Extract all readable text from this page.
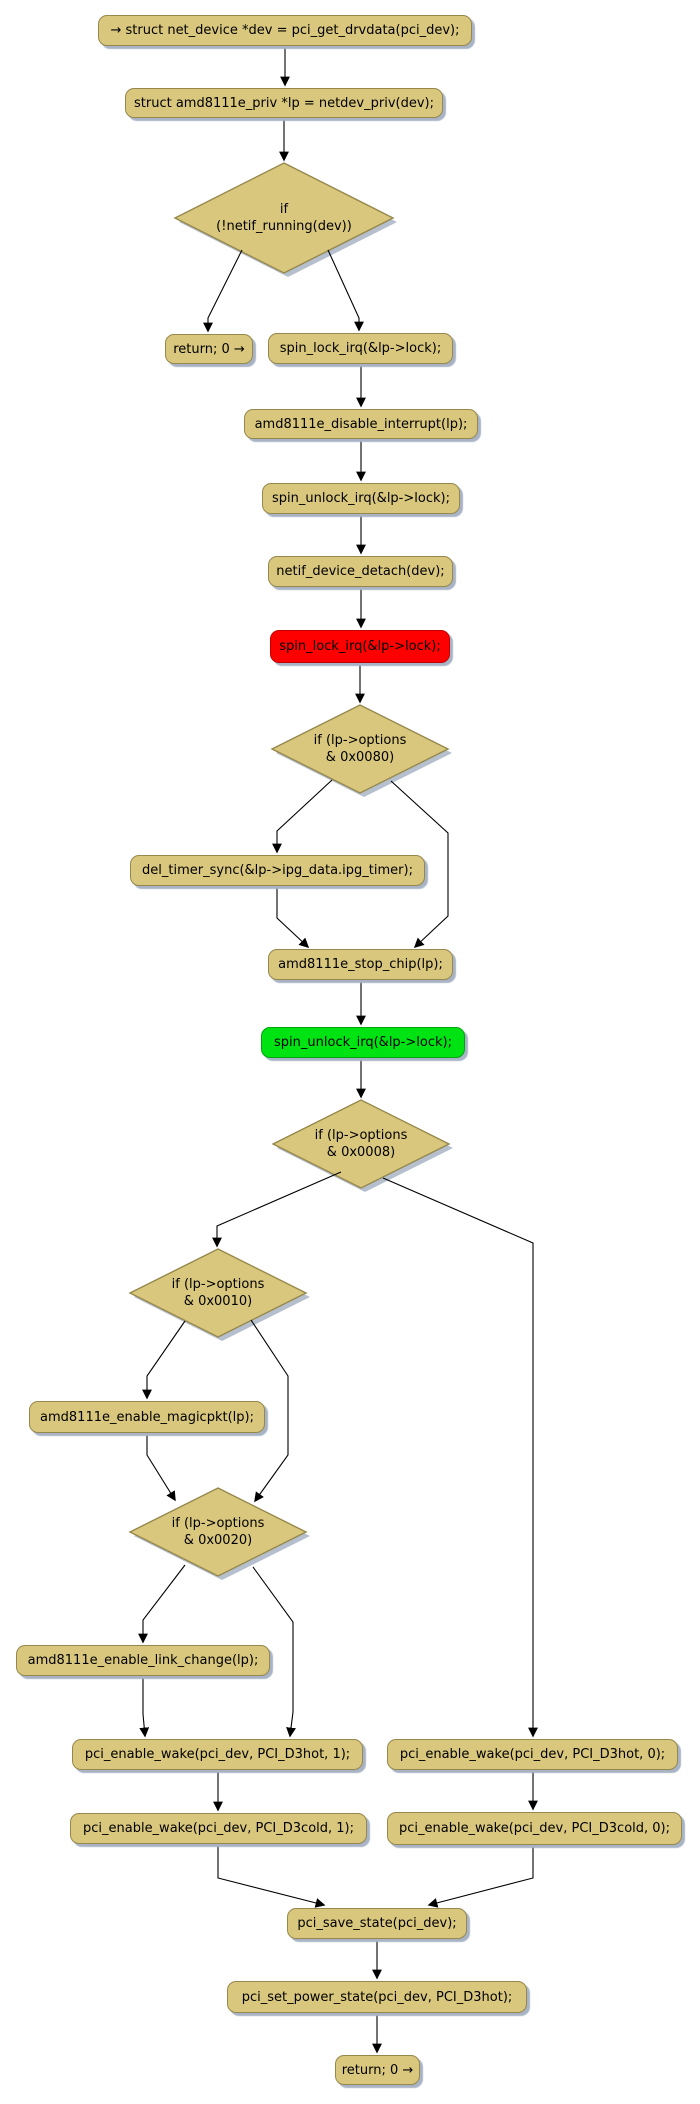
→ struct net_device *dev = pci_get_drvdata(pci_dev);
struct amd8111e_priv *lp = netdev_priv(dev);
return; 0 →	spin_lock_irq(&lp->lock);
amd8111e_disable_interrupt(lp);
spin_unlock_irq(&lp->lock);
netif_device_detach(dev);
spin_lock_irq(&lp->lock);
del_timer_sync(&lp->ipg_data.ipg_timer);
amd8111e_stop_chip(lp);
spin_unlock_irq(&lp->lock);
amd8111e_enable_magicpkt(lp);
amd8111e_enable_link_change(lp);
pci_enable_wake(pci_dev, PCI_D3hot, 1);	pci_enable_wake(pci_dev, PCI_D3hot, 0);
pci_enable_wake(pci_dev, PCI_D3cold, 1);	pci_enable_wake(pci_dev, PCI_D3cold, 0);
pci_save_state(pci_dev);
pci_set_power_state(pci_dev, PCI_D3hot);
return; 0 →
if
(!netif_running(dev))
if (lp->options
& 0x0080)
if (lp->options
& 0x0008)
if (lp->options
& 0x0010)
if (lp->options
& 0x0020)
